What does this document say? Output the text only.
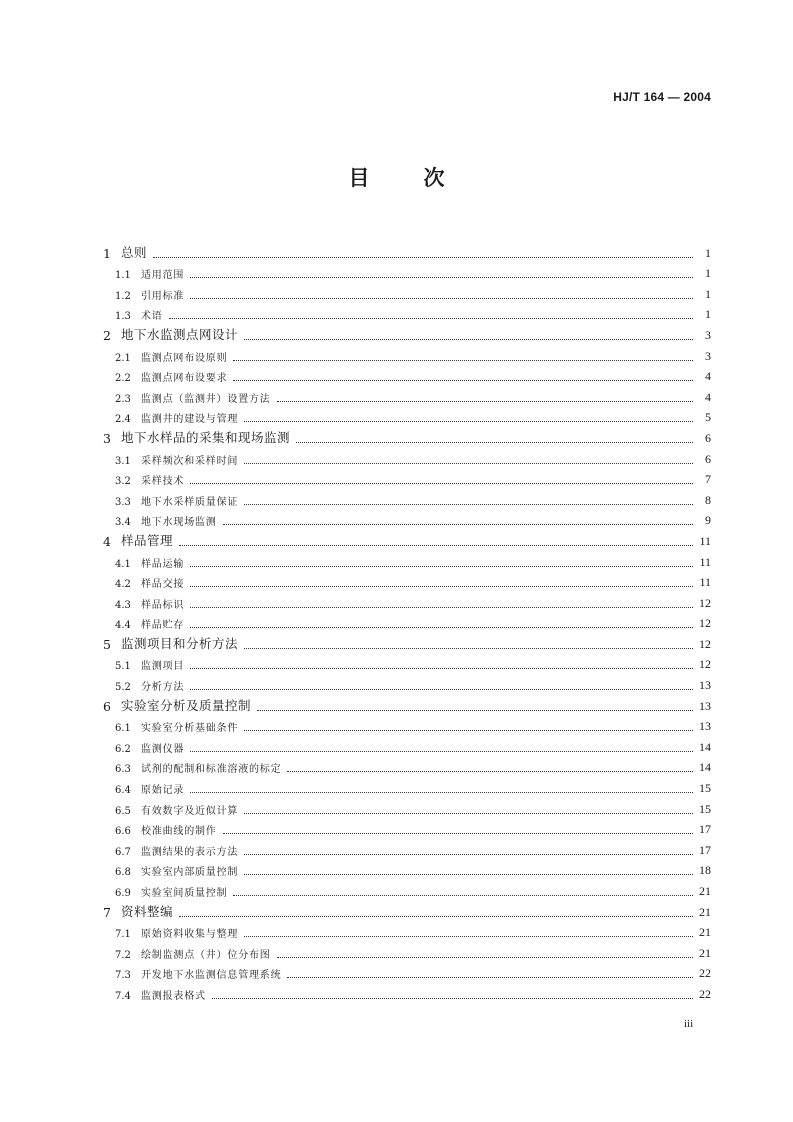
HJ/T 164 — 2004
目次
1 总则	1
1.1	适用范围	1
1.2	引用标准	1
1.3	术语	1
2 地下水监测点网设计	3
2.1	监测点网布设原则	3
2.2	监测点网布设要求	4
2.3	监测点（监测井）设置方法	4
2.4	监测井的建设与管理	5
3 地下水样品的采集和现场监测	6
3.1	采样频次和采样时间	6
3.2	采样技术	7
3.3	地下水采样质量保证	8
3.4	地下水现场监测	9
4 样品管理	11
4.1	样品运输	11
4.2	样品交接	11
4.3	样品标识	12
4.4	样品贮存	12
5 监测项目和分析方法	12
5.1	监测项目	12
5.2	分析方法	13
6 实验室分析及质量控制	13
6.1	实验室分析基础条件	13
6.2	监测仪器	14
6.3	试剂的配制和标准溶液的标定	14
6.4	原始记录	15
6.5	有效数字及近似计算	15
6.6	校准曲线的制作	17
6.7	监测结果的表示方法	17
6.8	实验室内部质量控制	18
6.9	实验室间质量控制	21
7 资料整编	21
7.1	原始资料收集与整理	21
7.2	绘制监测点（井）位分布图	21
7.3	开发地下水监测信息管理系统	22
7.4	监测报表格式	22
iii
